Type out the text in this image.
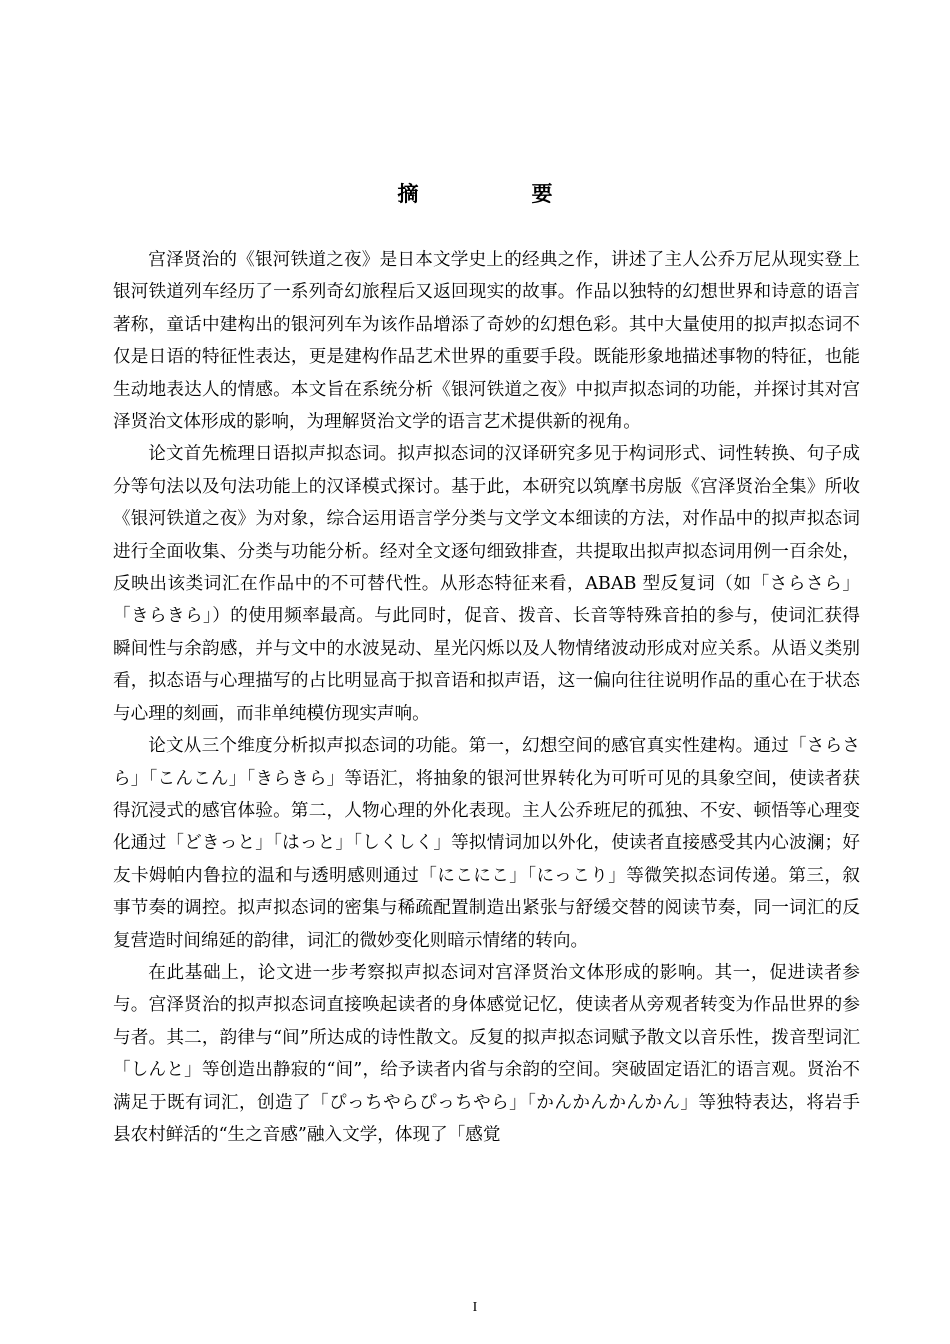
摘　要

宫泽贤治的《银河铁道之夜》是日本文学史上的经典之作，讲述了主人公乔万尼从现实登上银河铁道列车经历了一系列奇幻旅程后又返回现实的故事。作品以独特的幻想世界和诗意的语言著称，童话中建构出的银河列车为该作品增添了奇妙的幻想色彩。其中大量使用的拟声拟态词不仅是日语的特征性表达，更是建构作品艺术世界的重要手段。既能形象地描述事物的特征，也能生动地表达人的情感。本文旨在系统分析《银河铁道之夜》中拟声拟态词的功能，并探讨其对宫泽贤治文体形成的影响，为理解贤治文学的语言艺术提供新的视角。

论文首先梳理日语拟声拟态词。拟声拟态词的汉译研究多见于构词形式、词性转换、句子成分等句法以及句法功能上的汉译模式探讨。基于此，本研究以筑摩书房版《宫泽贤治全集》所收《银河铁道之夜》为对象，综合运用语言学分类与文学文本细读的方法，对作品中的拟声拟态词进行全面收集、分类与功能分析。经对全文逐句细致排查，共提取出拟声拟态词用例一百余处，反映出该类词汇在作品中的不可替代性。从形态特征来看，ABAB 型反复词（如「さらさら」「きらきら」）的使用频率最高。与此同时，促音、拨音、长音等特殊音拍的参与，使词汇获得瞬间性与余韵感，并与文中的水波晃动、星光闪烁以及人物情绪波动形成对应关系。从语义类别看，拟态语与心理描写的占比明显高于拟音语和拟声语，这一偏向往往说明作品的重心在于状态与心理的刻画，而非单纯模仿现实声响。

论文从三个维度分析拟声拟态词的功能。第一，幻想空间的感官真实性建构。通过「さらさら」「こんこん」「きらきら」等语汇，将抽象的银河世界转化为可听可见的具象空间，使读者获得沉浸式的感官体验。第二，人物心理的外化表现。主人公乔班尼的孤独、不安、顿悟等心理变化通过「どきっと」「はっと」「しくしく」等拟情词加以外化，使读者直接感受其内心波澜；好友卡姆帕内鲁拉的温和与透明感则通过「にこにこ」「にっこり」等微笑拟态词传递。第三，叙事节奏的调控。拟声拟态词的密集与稀疏配置制造出紧张与舒缓交替的阅读节奏，同一词汇的反复营造时间绵延的韵律，词汇的微妙变化则暗示情绪的转向。

在此基础上，论文进一步考察拟声拟态词对宫泽贤治文体形成的影响。其一，促进读者参与。宫泽贤治的拟声拟态词直接唤起读者的身体感觉记忆，使读者从旁观者转变为作品世界的参与者。其二，韵律与“间”所达成的诗性散文。反复的拟声拟态词赋予散文以音乐性，拨音型词汇「しんと」等创造出静寂的“间”，给予读者内省与余韵的空间。突破固定语汇的语言观。贤治不满足于既有词汇，创造了「ぴっちやらぴっちやら」「かんかんかんかん」等独特表达，将岩手县农村鲜活的“生之音感”融入文学，体现了「感覚

I
